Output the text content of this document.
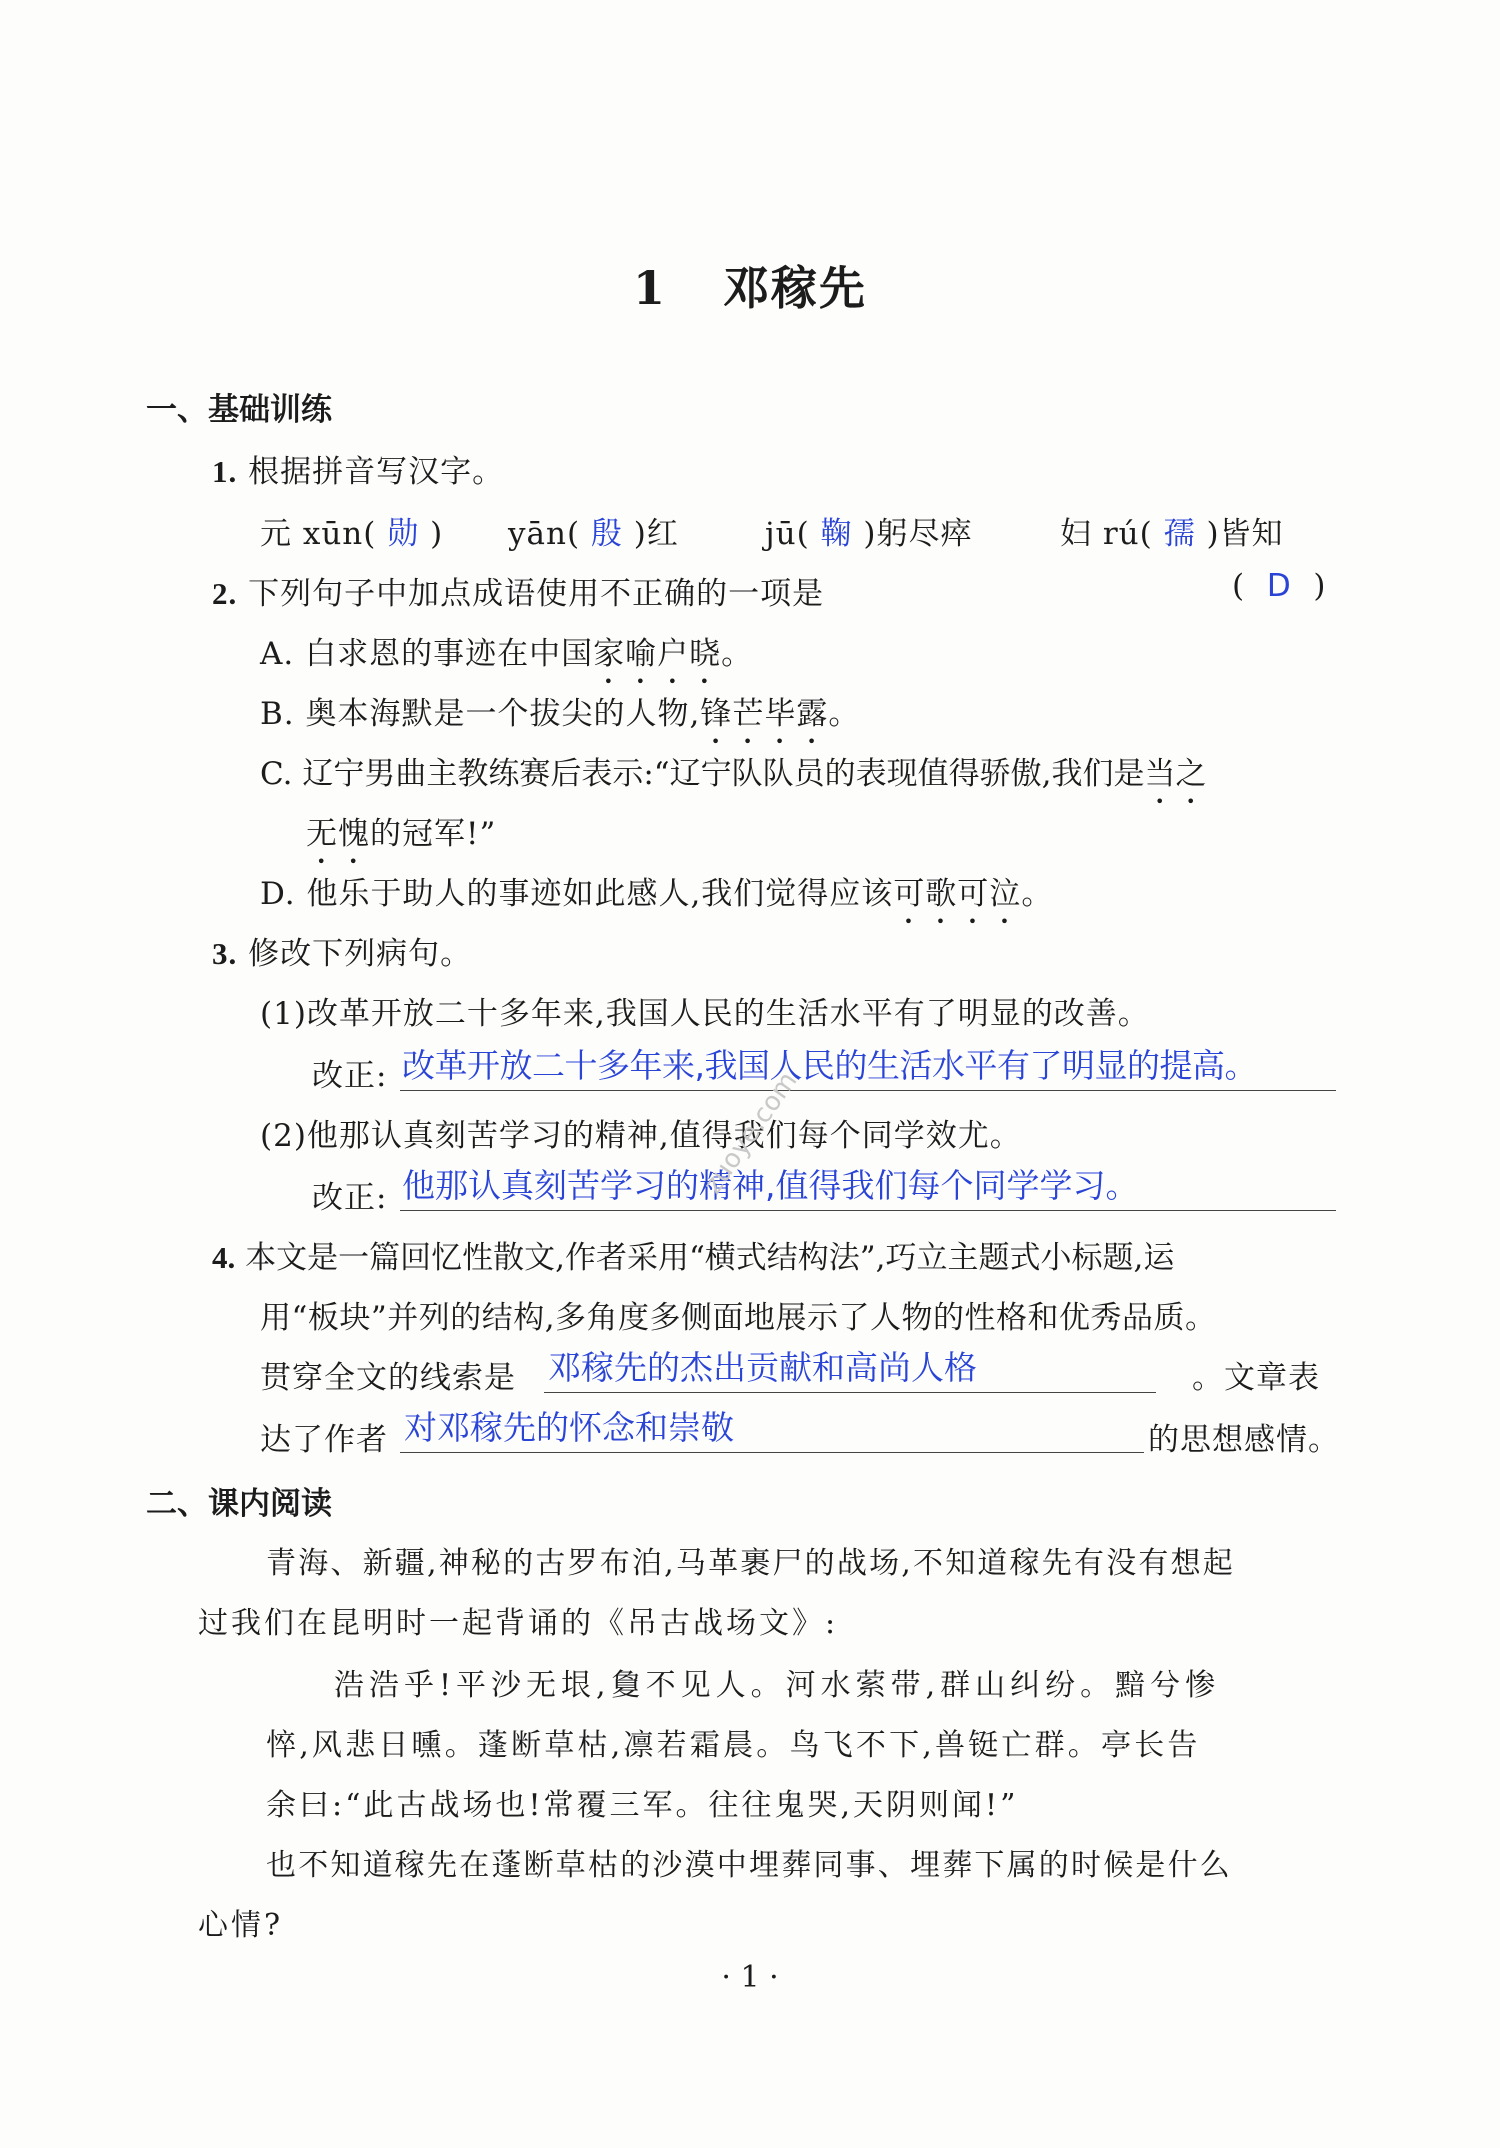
1 邓稼先
一、基础训练
1. 根据拼音写汉字。
元 xūn( 勋 ) yān( 殷 )红	jū( 鞠 )躬尽瘁	妇 rú( 孺 )皆知
2. 下列句子中加点成语使用不正确的一项是	( D )
A. 白求恩的事迹在中国家喻户晓。
B. 奥本海默是一个拔尖的人物,锋芒毕露。
C. 辽宁男曲主教练赛后表示:“辽宁队队员的表现值得骄傲,我们是当之
无愧的冠军!”
D. 他乐于助人的事迹如此感人,我们觉得应该可歌可泣。
3. 修改下列病句。
(1)改革开放二十多年来,我国人民的生活水平有了明显的改善。
改正: 改革开放二十多年来,我国人民的生活水平有了明显的提高。
(2)他那认真刻苦学习的精神,值得我们每个同学效尤。
改正: 他那认真刻苦学习的精神,值得我们每个同学学习。
zuoye.com
4. 本文是一篇回忆性散文,作者采用“横式结构法”,巧立主题式小标题,运
用“板块”并列的结构,多角度多侧面地展示了人物的性格和优秀品质。
贯穿全文的线索是 邓稼先的杰出贡献和高尚人格	。文章表
达了作者 对邓稼先的怀念和崇敬	的思想感情。
二、课内阅读
青海、新疆,神秘的古罗布泊,马革裹尸的战场,不知道稼先有没有想起
过我们在昆明时一起背诵的《吊古战场文》:
浩浩乎!平沙无垠,敻不见人。河水萦带,群山纠纷。黯兮惨
悴,风悲日曛。蓬断草枯,凛若霜晨。鸟飞不下,兽铤亡群。亭长告
余曰:“此古战场也!常覆三军。往往鬼哭,天阴则闻!”
也不知道稼先在蓬断草枯的沙漠中埋葬同事、埋葬下属的时候是什么
心情?
· 1 ·
